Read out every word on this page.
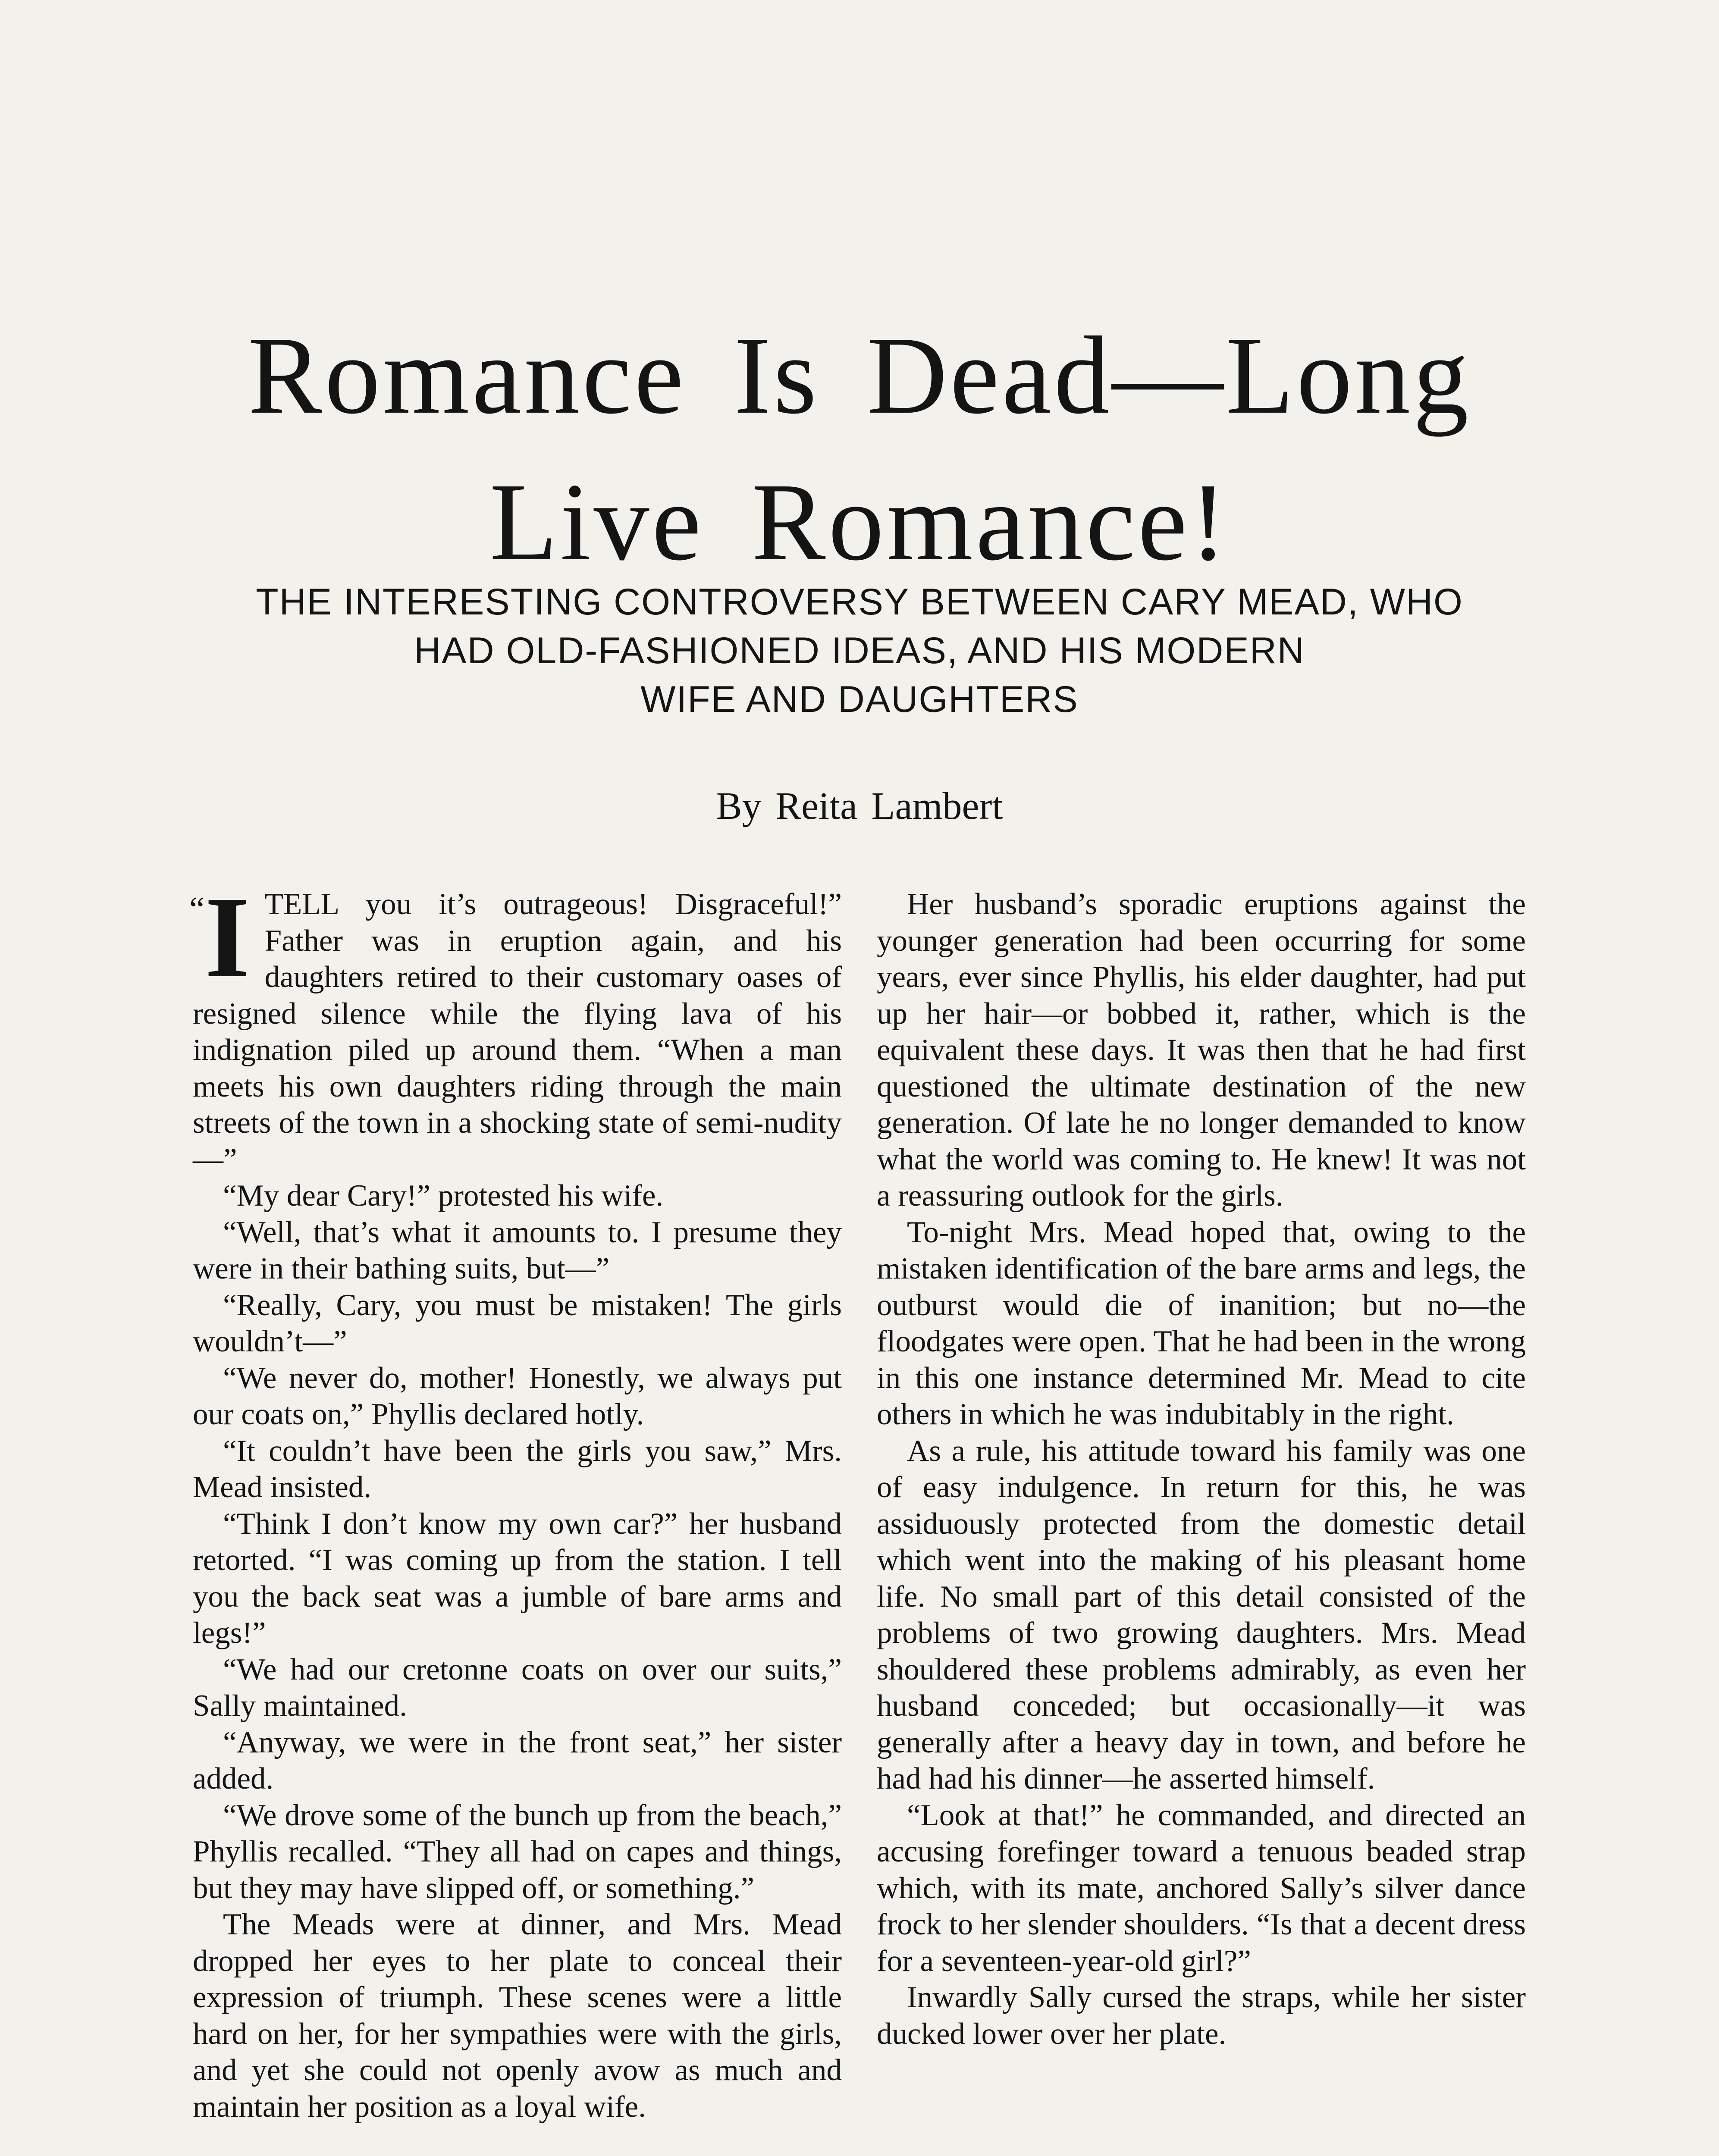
Romance Is Dead—Long
Live Romance!
THE INTERESTING CONTROVERSY BETWEEN CARY MEAD, WHO
HAD OLD-FASHIONED IDEAS, AND HIS MODERN
WIFE AND DAUGHTERS

By Reita Lambert

“I TELL you it’s outrageous! Disgraceful!” Father was in eruption again, and his daughters retired to their customary oases of resigned silence while the flying lava of his indignation piled up around them. “When a man meets his own daughters riding through the main streets of the town in a shocking state of semi-nudity—”

“My dear Cary!” protested his wife.

“Well, that’s what it amounts to. I presume they were in their bathing suits, but—”

“Really, Cary, you must be mistaken! The girls wouldn’t—”

“We never do, mother! Honestly, we always put our coats on,” Phyllis declared hotly.

“It couldn’t have been the girls you saw,” Mrs. Mead insisted.

“Think I don’t know my own car?” her husband retorted. “I was coming up from the station. I tell you the back seat was a jumble of bare arms and legs!”

“We had our cretonne coats on over our suits,” Sally maintained.

“Anyway, we were in the front seat,” her sister added.

“We drove some of the bunch up from the beach,” Phyllis recalled. “They all had on capes and things, but they may have slipped off, or something.”

The Meads were at dinner, and Mrs. Mead dropped her eyes to her plate to conceal their expression of triumph. These scenes were a little hard on her, for her sympathies were with the girls, and yet she could not openly avow as much and maintain her position as a loyal wife.

Her husband’s sporadic eruptions against the younger generation had been occurring for some years, ever since Phyllis, his elder daughter, had put up her hair—or bobbed it, rather, which is the equivalent these days. It was then that he had first questioned the ultimate destination of the new generation. Of late he no longer demanded to know what the world was coming to. He knew! It was not a reassuring outlook for the girls.

To-night Mrs. Mead hoped that, owing to the mistaken identification of the bare arms and legs, the outburst would die of inanition; but no—the floodgates were open. That he had been in the wrong in this one instance determined Mr. Mead to cite others in which he was indubitably in the right.

As a rule, his attitude toward his family was one of easy indulgence. In return for this, he was assiduously protected from the domestic detail which went into the making of his pleasant home life. No small part of this detail consisted of the problems of two growing daughters. Mrs. Mead shouldered these problems admirably, as even her husband conceded; but occasionally—it was generally after a heavy day in town, and before he had had his dinner—he asserted himself.

“Look at that!” he commanded, and directed an accusing forefinger toward a tenuous beaded strap which, with its mate, anchored Sally’s silver dance frock to her slender shoulders. “Is that a decent dress for a seventeen-year-old girl?”

Inwardly Sally cursed the straps, while her sister ducked lower over her plate.
